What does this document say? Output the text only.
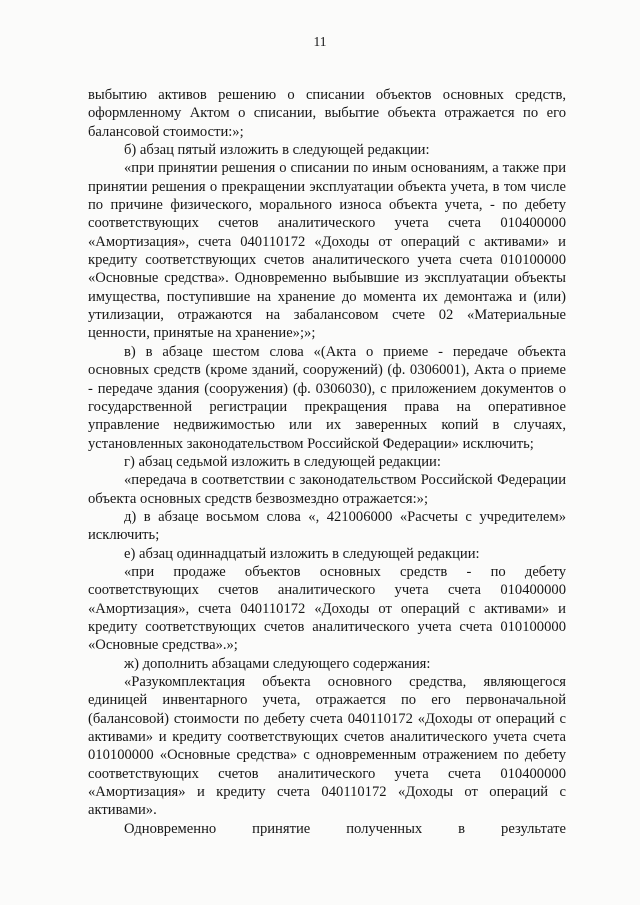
11

выбытию активов решению о списании объектов основных средств, оформленному Актом о списании, выбытие объекта отражается по его балансовой стоимости:»;

б) абзац пятый изложить в следующей редакции:

«при принятии решения о списании по иным основаниям, а также при принятии решения о прекращении эксплуатации объекта учета, в том числе по причине физического, морального износа объекта учета, - по дебету соответствующих счетов аналитического учета счета 010400000 «Амортизация», счета 040110172 «Доходы от операций с активами» и кредиту соответствующих счетов аналитического учета счета 010100000 «Основные средства». Одновременно выбывшие из эксплуатации объекты имущества, поступившие на хранение до момента их демонтажа и (или) утилизации, отражаются на забалансовом счете 02 «Материальные ценности, принятые на хранение»;»;

в) в абзаце шестом слова «(Акта о приеме - передаче объекта основных средств (кроме зданий, сооружений) (ф. 0306001), Акта о приеме - передаче здания (сооружения) (ф. 0306030), с приложением документов о государственной регистрации прекращения права на оперативное управление недвижимостью или их заверенных копий в случаях, установленных законодательством Российской Федерации» исключить;

г) абзац седьмой изложить в следующей редакции:

«передача в соответствии с законодательством Российской Федерации объекта основных средств безвозмездно отражается:»;

д) в абзаце восьмом слова «, 421006000 «Расчеты с учредителем» исключить;

е) абзац одиннадцатый изложить в следующей редакции:

«при продаже объектов основных средств - по дебету соответствующих счетов аналитического учета счета 010400000 «Амортизация», счета 040110172 «Доходы от операций с активами» и кредиту соответствующих счетов аналитического учета счета 010100000 «Основные средства».»;

ж) дополнить абзацами следующего содержания:

«Разукомплектация объекта основного средства, являющегося единицей инвентарного учета, отражается по его первоначальной (балансовой) стоимости по дебету счета 040110172 «Доходы от операций с активами» и кредиту соответствующих счетов аналитического учета счета 010100000 «Основные средства» с одновременным отражением по дебету соответствующих счетов аналитического учета счета 010400000 «Амортизация» и кредиту счета 040110172 «Доходы от операций с активами».

Одновременно принятие полученных в результате
